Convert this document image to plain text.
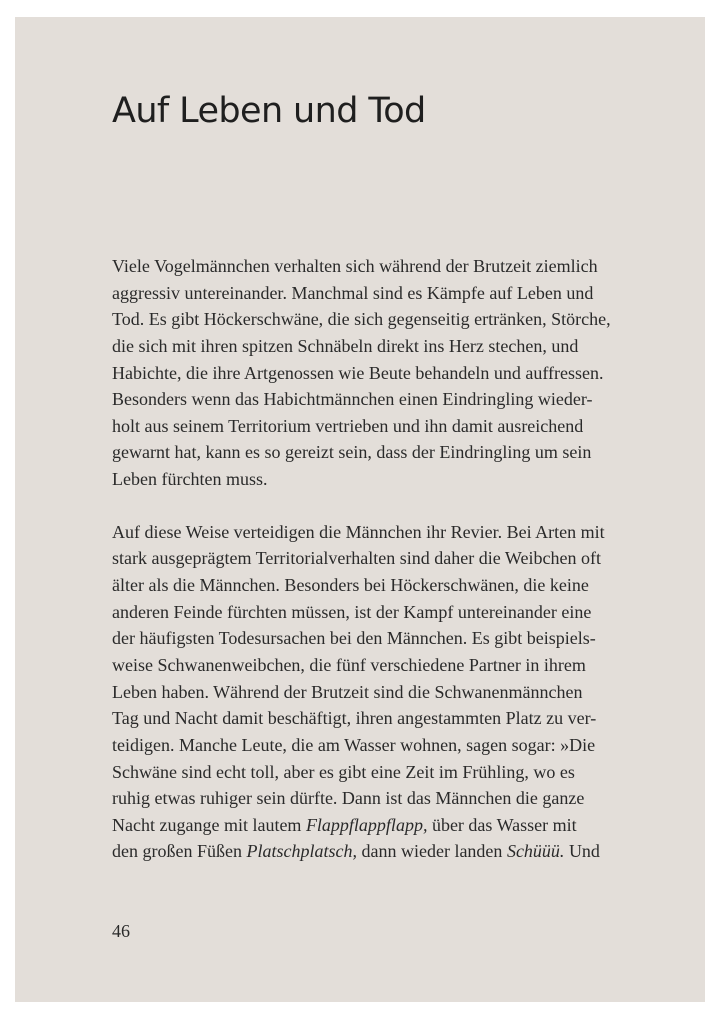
Auf Leben und Tod
Viele Vogelmännchen verhalten sich während der Brutzeit ziemlich
aggressiv untereinander. Manchmal sind es Kämpfe auf Leben und
Tod. Es gibt Höckerschwäne, die sich gegenseitig ertränken, Störche,
die sich mit ihren spitzen Schnäbeln direkt ins Herz stechen, und
Habichte, die ihre Artgenossen wie Beute behandeln und auffressen.
Besonders wenn das Habichtmännchen einen Eindringling wieder-
holt aus seinem Territorium vertrieben und ihn damit ausreichend
gewarnt hat, kann es so gereizt sein, dass der Eindringling um sein
Leben fürchten muss.
Auf diese Weise verteidigen die Männchen ihr Revier. Bei Arten mit
stark ausgeprägtem Territorialverhalten sind daher die Weibchen oft
älter als die Männchen. Besonders bei Höckerschwänen, die keine
anderen Feinde fürchten müssen, ist der Kampf untereinander eine
der häufigsten Todesursachen bei den Männchen. Es gibt beispiels-
weise Schwanenweibchen, die fünf verschiedene Partner in ihrem
Leben haben. Während der Brutzeit sind die Schwanenmännchen
Tag und Nacht damit beschäftigt, ihren angestammten Platz zu ver-
teidigen. Manche Leute, die am Wasser wohnen, sagen sogar: »Die
Schwäne sind echt toll, aber es gibt eine Zeit im Frühling, wo es
ruhig etwas ruhiger sein dürfte. Dann ist das Männchen die ganze
Nacht zugange mit lautem Flappflappflapp, über das Wasser mit
den großen Füßen Platschplatsch, dann wieder landen Schüüü. Und
46
